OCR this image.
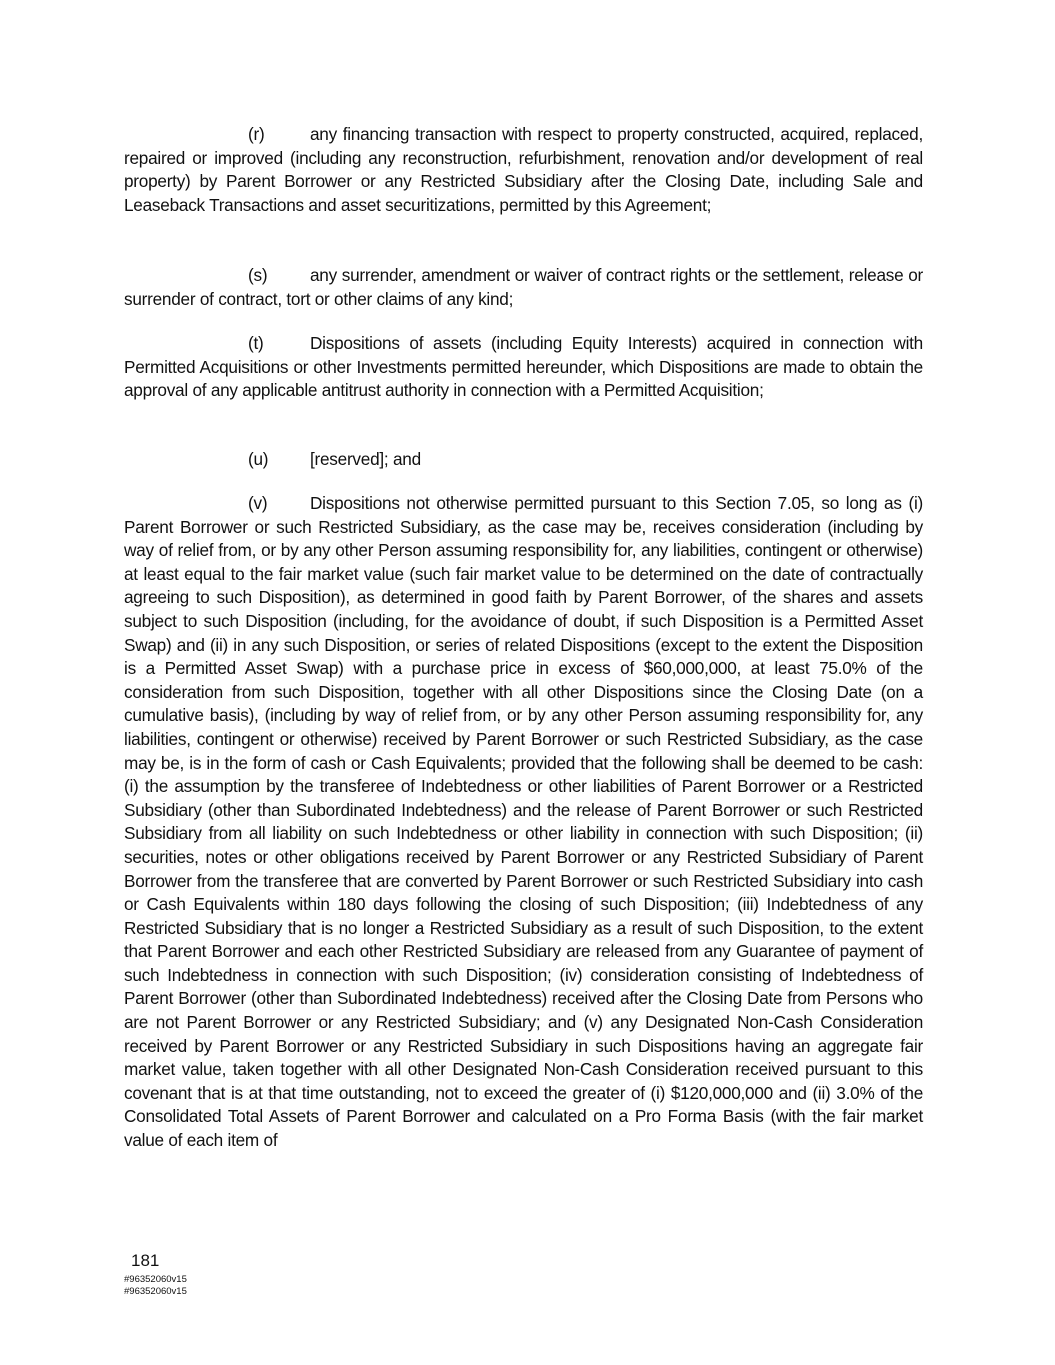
(r)	any financing transaction with respect to property constructed, acquired, replaced, repaired or improved (including any reconstruction, refurbishment, renovation and/or development of real property) by Parent Borrower or any Restricted Subsidiary after the Closing Date, including Sale and Leaseback Transactions and asset securitizations, permitted by this Agreement;

(s) any surrender, amendment or waiver of contract rights or the settlement, release or surrender of contract, tort or other claims of any kind;

(t)	Dispositions of assets (including Equity Interests) acquired in connection with Permitted Acquisitions or other Investments permitted hereunder, which Dispositions are made to obtain the approval of any applicable antitrust authority in connection with a Permitted Acquisition;

(u) [reserved]; and

(v) Dispositions not otherwise permitted pursuant to this Section 7.05, so long as (i) Parent Borrower or such Restricted Subsidiary, as the case may be, receives consideration (including by way of relief from, or by any other Person assuming responsibility for, any liabilities, contingent or otherwise) at least equal to the fair market value (such fair market value to be determined on the date of contractually agreeing to such Disposition), as determined in good faith by Parent Borrower, of the shares and assets subject to such Disposition (including, for the avoidance of doubt, if such Disposition is a Permitted Asset Swap) and (ii) in any such Disposition, or series of related Dispositions (except to the extent the Disposition is a Permitted Asset Swap) with a purchase price in excess of $60,000,000, at least 75.0% of the consideration from such Disposition, together with all other Dispositions since the Closing Date (on a cumulative basis), (including by way of relief from, or by any other Person assuming responsibility for, any liabilities, contingent or otherwise) received by Parent Borrower or such Restricted Subsidiary, as the case may be, is in the form of cash or Cash Equivalents; provided that the following shall be deemed to be cash: (i) the assumption by the transferee of Indebtedness or other liabilities of Parent Borrower or a Restricted Subsidiary (other than Subordinated Indebtedness) and the release of Parent Borrower or such Restricted Subsidiary from all liability on such Indebtedness or other liability in connection with such Disposition; (ii) securities, notes or other obligations received by Parent Borrower or any Restricted Subsidiary of Parent Borrower from the transferee that are converted by Parent Borrower or such Restricted Subsidiary into cash or Cash Equivalents within 180 days following the closing of such Disposition; (iii) Indebtedness of any Restricted Subsidiary that is no longer a Restricted Subsidiary as a result of such Disposition, to the extent that Parent Borrower and each other Restricted Subsidiary are released from any Guarantee of payment of such Indebtedness in connection with such Disposition; (iv) consideration consisting of Indebtedness of Parent Borrower (other than Subordinated Indebtedness) received after the Closing Date from Persons who are not Parent Borrower or any Restricted Subsidiary; and (v) any Designated Non-Cash Consideration received by Parent Borrower or any Restricted Subsidiary in such Dispositions having an aggregate fair market value, taken together with all other Designated Non-Cash Consideration received pursuant to this covenant that is at that time outstanding, not to exceed the greater of (i) $120,000,000 and (ii) 3.0% of the Consolidated Total Assets of Parent Borrower and calculated on a Pro Forma Basis (with the fair market value of each item of

181
#96352060v15
#96352060v15
